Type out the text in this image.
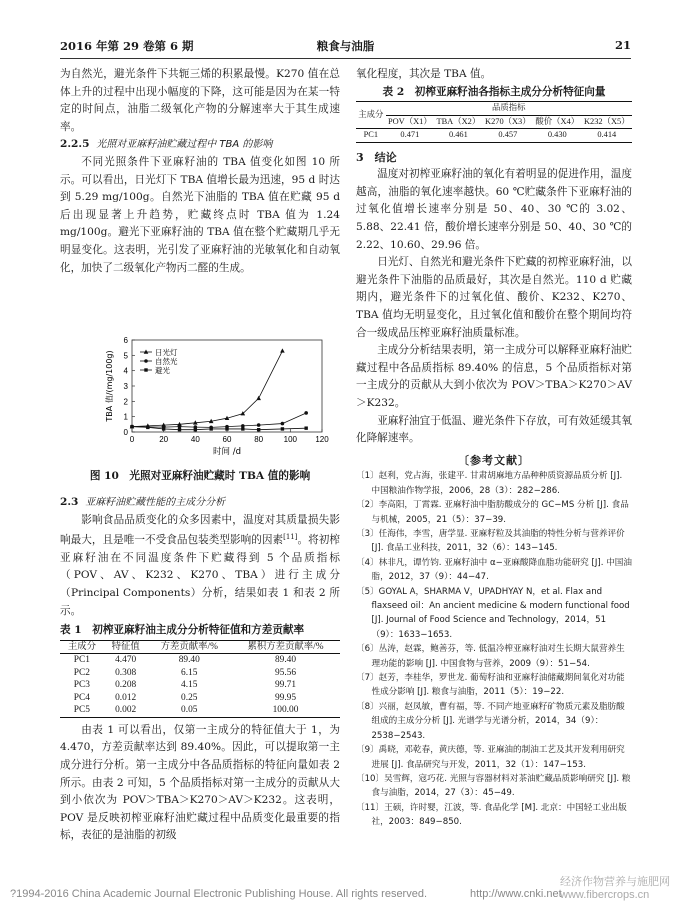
2016 年第 29 卷第 6 期	粮食与油脂	21

为自然光，避光条件下共轭三烯的积累最慢。K270 值在总体上升的过程中出现小幅度的下降，这可能是因为在某一特定的时间点，油脂二级氧化产物的分解速率大于其生成速率。

2.2.5 光照对亚麻籽油贮藏过程中 TBA 的影响

不同光照条件下亚麻籽油的 TBA 值变化如图 10 所示。可以看出，日光灯下 TBA 值增长最为迅速，95 d 时达到 5.29 mg/100g。自然光下油脂的 TBA 值在贮藏 95 d 后出现显著上升趋势，贮藏终点时 TBA 值为 1.24 mg/100g。避光下亚麻籽油的 TBA 值在整个贮藏期几乎无明显变化。这表明，光引发了亚麻籽油的光敏氧化和自动氧化，加快了二级氧化产物丙二醛的生成。

0	20	40	60	80	100 120
0
1
2
3
4
5
6
时间 /d
TBA 值/(mg/100g)	日光灯
自然光
避光
图 10　光照对亚麻籽油贮藏时 TBA 值的影响
2.3 亚麻籽油贮藏性能的主成分分析

影响食品品质变化的众多因素中，温度对其质量损失影响最大，且是唯一不受食品包装类型影响的因素[11]。将初榨亚麻籽油在不同温度条件下贮藏得到 5 个品质指标（POV、AV、K232、K270、TBA）进行主成分（Principal Components）分析，结果如表 1 和表 2 所示。

表 1　初榨亚麻籽油主成分分析特征值和方差贡献率
主成分	特征值	方差贡献率/%	累积方差贡献率/%
PC1	4.470	89.40	89.40
PC2	0.308	6.15	95.56
PC3	0.208	4.15	99.71
PC4	0.012	0.25	99.95
PC5	0.002	0.05	100.00

由表 1 可以看出，仅第一主成分的特征值大于 1，为 4.470，方差贡献率达到 89.40%。因此，可以提取第一主成分进行分析。第一主成分中各品质指标的特征向量如表 2 所示。由表 2 可知，5 个品质指标对第一主成分的贡献从大到小依次为 POV＞TBA＞K270＞AV＞K232。这表明，POV 是反映初榨亚麻籽油贮藏过程中品质变化最重要的指标，表征的是油脂的初级

氧化程度，其次是 TBA 值。

表 2　初榨亚麻籽油各指标主成分分析特征向量
主成分	品质指标				
	POV（X1）	TBA（X2）	K270（X3）	酸价（X4）	K232（X5）
PC1	0.471	0.461	0.457	0.430	0.414
3　结论

温度对初榨亚麻籽油的氧化有着明显的促进作用，温度越高，油脂的氧化速率越快。60 ℃贮藏条件下亚麻籽油的过氧化值增长速率分别是 50、40、30 ℃的 3.02、5.88、22.41 倍，酸价增长速率分别是 50、40、30 ℃的 2.22、10.60、29.96 倍。

日光灯、自然光和避光条件下贮藏的初榨亚麻籽油，以避光条件下油脂的品质最好，其次是自然光。110 d 贮藏期内，避光条件下的过氧化值、酸价、K232、K270、TBA 值均无明显变化，且过氧化值和酸价在整个期间均符合一级成品压榨亚麻籽油质量标准。

主成分分析结果表明，第一主成分可以解释亚麻籽油贮藏过程中各品质指标 89.40% 的信息，5 个品质指标对第一主成分的贡献从大到小依次为 POV＞TBA＞K270＞AV＞K232。

亚麻籽油宜于低温、避光条件下存放，可有效延缓其氧化降解速率。

〔参考文献〕
〔1〕赵利，党占海，张建平. 甘肃胡麻地方品种种质资源品质分析 [J]. 中国粮油作物学报，2006，28（3）：282−286.
〔2〕李高阳，丁霄霖. 亚麻籽油中脂肪酸成分的 GC−MS 分析 [J]. 食品与机械，2005，21（5）：37−39.
〔3〕任海伟，李雪，唐学显. 亚麻籽粒及其油脂的特性分析与营养评价 [J]. 食品工业科技，2011，32（6）：143−145.
〔4〕林非凡，谭竹钧. 亚麻籽油中 α−亚麻酸降血脂功能研究 [J]. 中国油脂，2012，37（9）：44−47.
〔5〕GOYAL A，SHARMA V，UPADHYAY N，et al. Flax and flaxseed oil：An ancient medicine & modern functional food [J]. Journal of Food Science and Technology，2014，51（9）：1633−1653.
〔6〕丛涛，赵霖，鲍善芬，等. 低温冷榨亚麻籽油对生长期大鼠营养生理功能的影响 [J]. 中国食物与营养，2009（9）：51−54.
〔7〕赵芳，李桂华，罗世龙. 葡萄籽油和亚麻籽油储藏期间氧化对功能性成分影响 [J]. 粮食与油脂，2011（5）：19−22.
〔8〕兴丽，赵凤敏，曹有福，等. 不同产地亚麻籽矿物质元素及脂肪酸组成的主成分分析 [J]. 光谱学与光谱分析，2014，34（9）：2538−2543.
〔9〕禹晓，邓乾春，黄庆德，等. 亚麻油的制油工艺及其开发利用研究进展 [J]. 食品研究与开发，2011，32（1）：147−153.
〔10〕吴雪辉，寇巧花. 光照与容器材料对茶油贮藏品质影响研究 [J]. 粮食与油脂，2014，27（3）：45−49.
〔11〕王硕，许时婴，江波，等. 食品化学 [M]. 北京：中国轻工业出版社，2003：849−850.
?1994-2016 China Academic Journal Electronic Publishing House. All rights reserved.	http://www.cnki.net
经济作物营养与施肥网
www.fibercrops.cn
